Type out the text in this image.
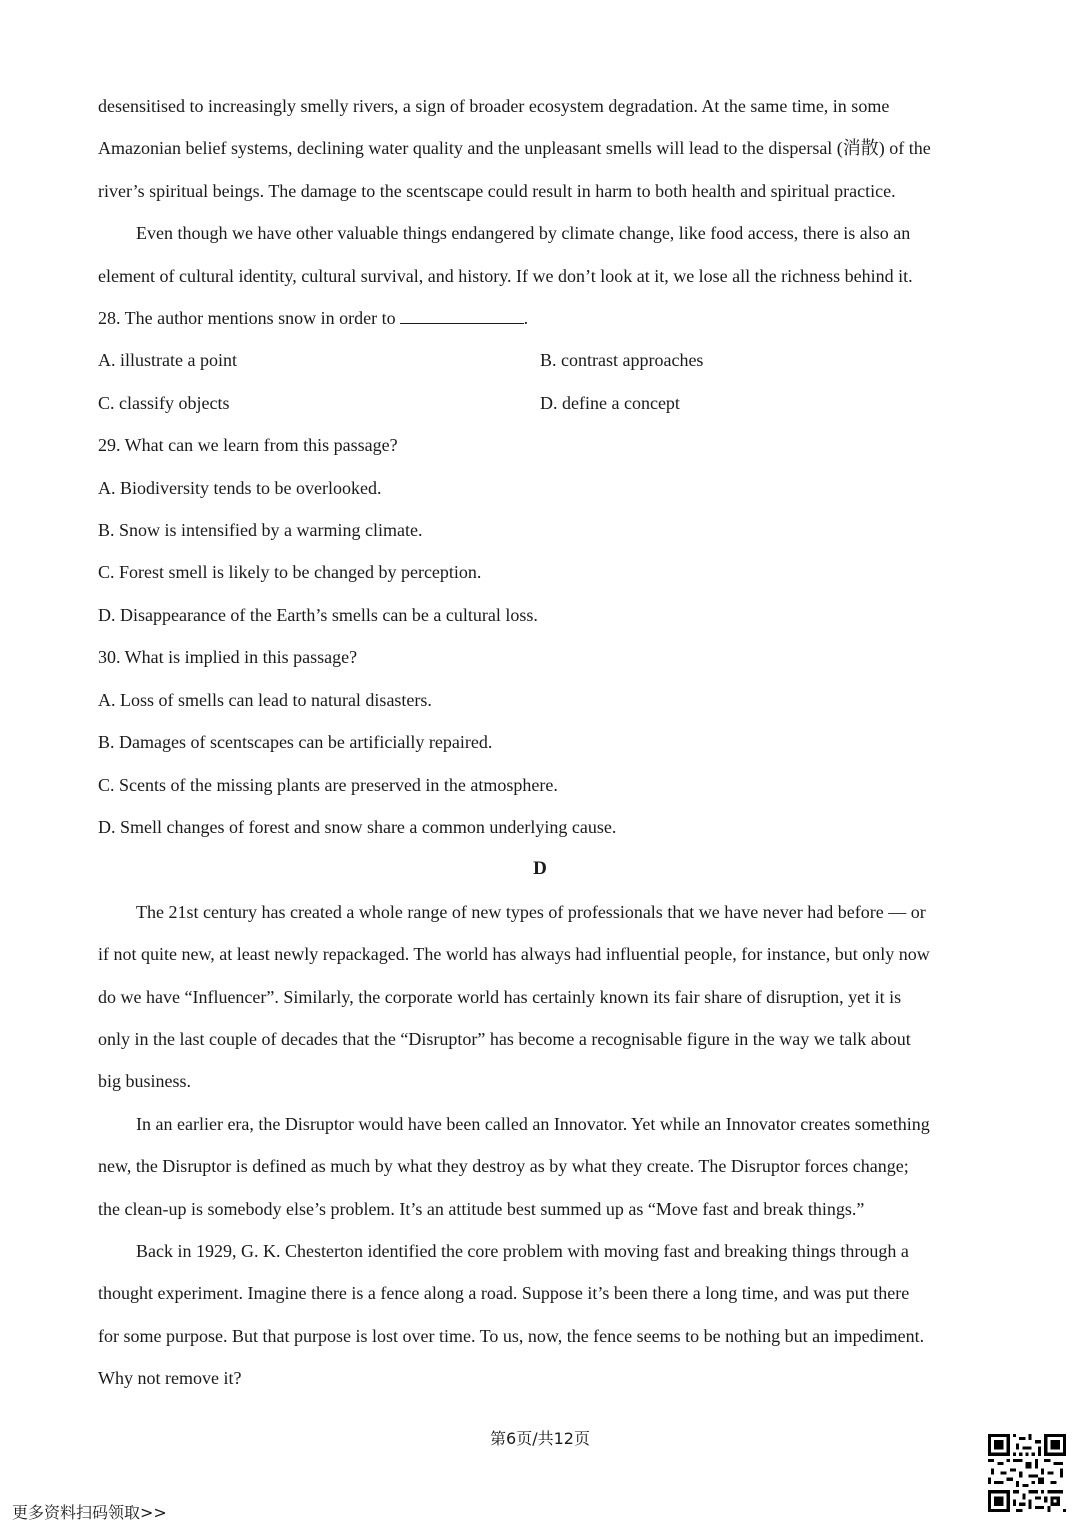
desensitised to increasingly smelly rivers, a sign of broader ecosystem degradation. At the same time, in some

Amazonian belief systems, declining water quality and the unpleasant smells will lead to the dispersal (消散) of the

river’s spiritual beings. The damage to the scentscape could result in harm to both health and spiritual practice.

Even though we have other valuable things endangered by climate change, like food access, there is also an

element of cultural identity, cultural survival, and history. If we don’t look at it, we lose all the richness behind it.

28. The author mentions snow in order to	.

A. illustrate a point	B. contrast approaches

C. classify objects	D. define a concept

29. What can we learn from this passage?

A. Biodiversity tends to be overlooked.

B. Snow is intensified by a warming climate.

C. Forest smell is likely to be changed by perception.

D. Disappearance of the Earth’s smells can be a cultural loss.

30. What is implied in this passage?

A. Loss of smells can lead to natural disasters.

B. Damages of scentscapes can be artificially repaired.

C. Scents of the missing plants are preserved in the atmosphere.

D. Smell changes of forest and snow share a common underlying cause.

D

The 21st century has created a whole range of new types of professionals that we have never had before — or

if not quite new, at least newly repackaged. The world has always had influential people, for instance, but only now

do we have “Influencer”. Similarly, the corporate world has certainly known its fair share of disruption, yet it is

only in the last couple of decades that the “Disruptor” has become a recognisable figure in the way we talk about

big business.

In an earlier era, the Disruptor would have been called an Innovator. Yet while an Innovator creates something

new, the Disruptor is defined as much by what they destroy as by what they create. The Disruptor forces change;

the clean-up is somebody else’s problem. It’s an attitude best summed up as “Move fast and break things.”

Back in 1929, G. K. Chesterton identified the core problem with moving fast and breaking things through a

thought experiment. Imagine there is a fence along a road. Suppose it’s been there a long time, and was put there

for some purpose. But that purpose is lost over time. To us, now, the fence seems to be nothing but an impediment.

Why not remove it?

第6页/共12页
更多资料扫码领取>>
